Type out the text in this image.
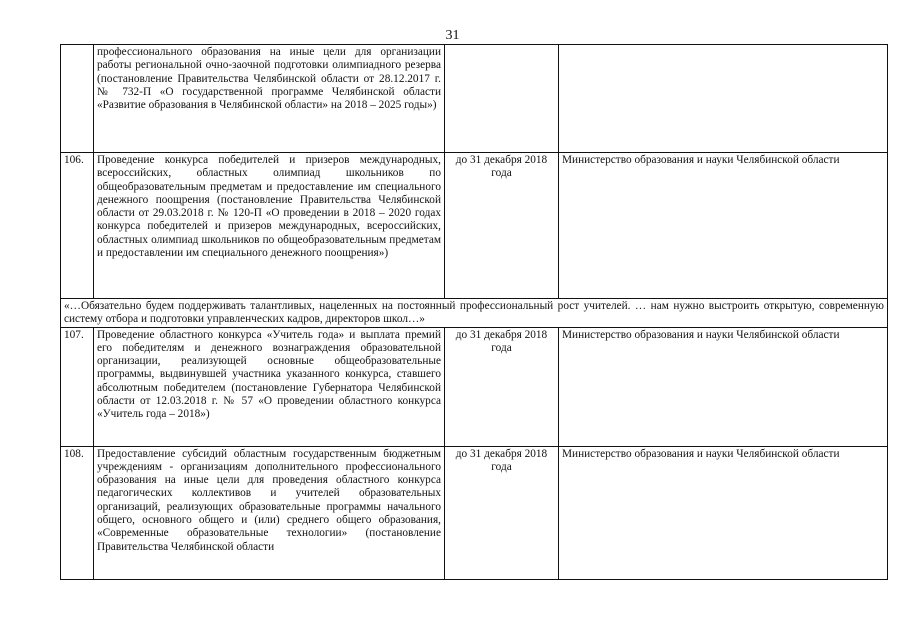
31
	профессионального образования на иные цели для организации работы региональной очно-заочной подготовки олимпиадного резерва (постановление Правительства Челябинской области от 28.12.2017 г. № 732-П «О государственной программе Челябинской области «Развитие образования в Челябинской области» на 2018 – 2025 годы»)		
106.	Проведение конкурса победителей и призеров международных, всероссийских, областных олимпиад школьников по общеобразовательным предметам и предоставление им специального денежного поощрения (постановление Правительства Челябинской области от 29.03.2018 г. № 120-П «О проведении в 2018 – 2020 годах конкурса победителей и призеров международных, всероссийских, областных олимпиад школьников по общеобразовательным предметам и предоставлении им специального денежного поощрения»)	до 31 декабря 2018 года	Министерство образования и науки Челябинской области
«…Обязательно будем поддерживать талантливых, нацеленных на постоянный профессиональный рост учителей. … нам нужно выстроить открытую, современную систему отбора и подготовки управленческих кадров, директоров школ…»			
107.	Проведение областного конкурса «Учитель года» и выплата премий его победителям и денежного вознаграждения образовательной организации, реализующей основные общеобразовательные программы, выдвинувшей участника указанного конкурса, ставшего абсолютным победителем (постановление Губернатора Челябинской области от 12.03.2018 г. № 57 «О проведении областного конкурса «Учитель года – 2018»)	до 31 декабря 2018 года	Министерство образования и науки Челябинской области
108.	Предоставление субсидий областным государственным бюджетным учреждениям - организациям дополнительного профессионального образования на иные цели для проведения областного конкурса педагогических коллективов и учителей образовательных организаций, реализующих образовательные программы начального общего, основного общего и (или) среднего общего образования, «Современные образовательные технологии» (постановление Правительства Челябинской области	до 31 декабря 2018 года	Министерство образования и науки Челябинской области
